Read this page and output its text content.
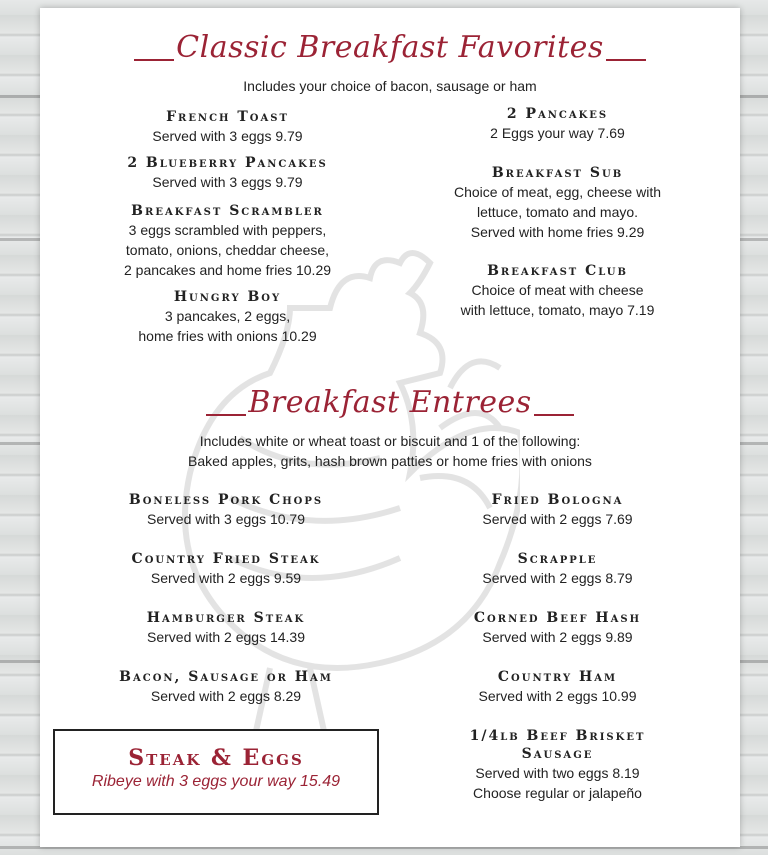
Classic Breakfast Favorites
Includes your choice of bacon, sausage or ham
French Toast
Served with 3 eggs 9.79
2 Blueberry Pancakes
Served with 3 eggs 9.79
Breakfast Scrambler
3 eggs scrambled with peppers,
tomato, onions, cheddar cheese,
2 pancakes and home fries 10.29
Hungry Boy
3 pancakes, 2 eggs,
home fries with onions 10.29
2 Pancakes
2 Eggs your way 7.69
Breakfast Sub
Choice of meat, egg, cheese with
lettuce, tomato and mayo.
Served with home fries 9.29
Breakfast Club
Choice of meat with cheese
with lettuce, tomato, mayo 7.19
Breakfast Entrees
Includes white or wheat toast or biscuit and 1 of the following:
Baked apples, grits, hash brown patties or home fries with onions
Boneless Pork Chops
Served with 3 eggs 10.79
Country Fried Steak
Served with 2 eggs 9.59
Hamburger Steak
Served with 2 eggs 14.39
Bacon, Sausage or Ham
Served with 2 eggs 8.29
Fried Bologna
Served with 2 eggs 7.69
Scrapple
Served with 2 eggs 8.79
Corned Beef Hash
Served with 2 eggs 9.89
Country Ham
Served with 2 eggs 10.99
1/4lb Beef Brisket
Sausage
Served with two eggs 8.19
Choose regular or jalapeño
Steak & Eggs
Ribeye with 3 eggs your way 15.49
